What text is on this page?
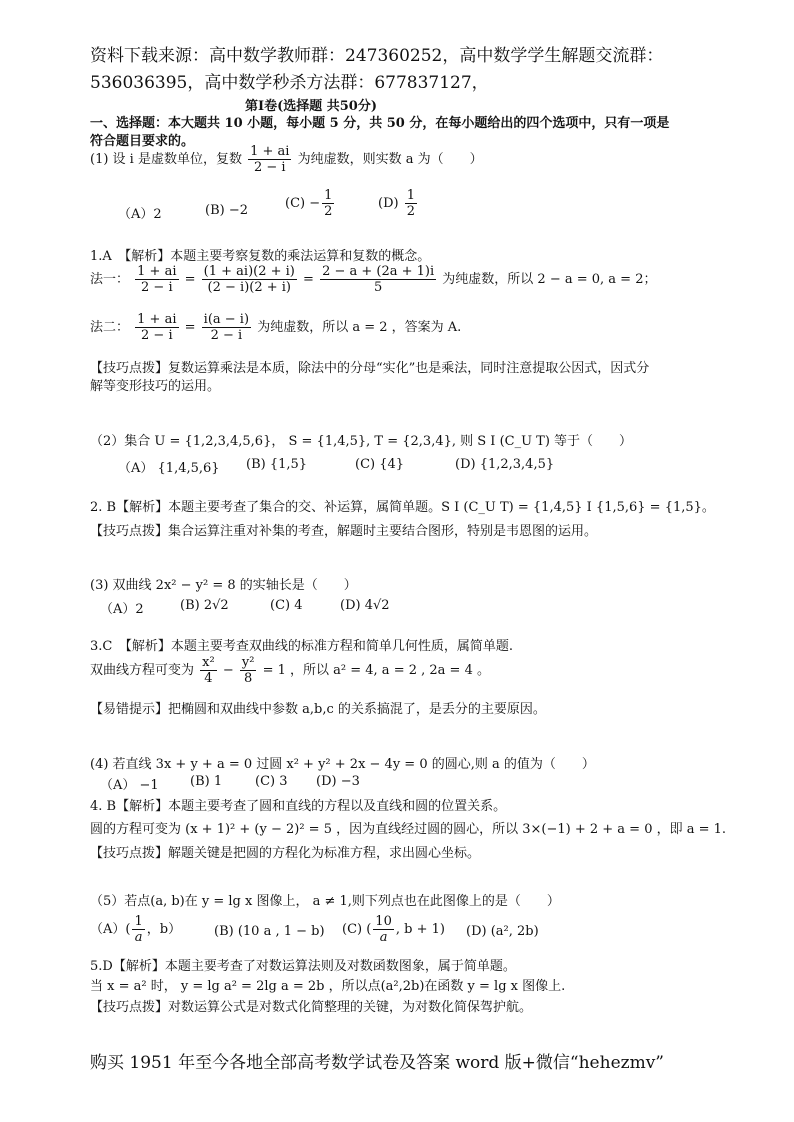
资料下载来源：高中数学教师群：247360252，高中数学学生解题交流群：
536036395，高中数学秒杀方法群：677837127，
第Ⅰ卷(选择题 共50分)
一、选择题：本大题共 10 小题，每小题 5 分，共 50 分，在每小题给出的四个选项中，只有一项是
符合题目要求的。
(1) 设 i 是虚数单位，复数 $\frac{1 + ai}{2 - i}$ 为纯虚数，则实数 a 为（　　）
（A）2	(B) −2	$(C) - \frac{1}{2}$	$(D) \frac{1}{2}$
1.A　【解析】本题主要考察复数的乘法运算和复数的概念。
法一： $\frac{1 + ai}{2 - i} = \frac{(1 + ai)(2 + i)}{(2 - i)(2 + i)} = \frac{2 - a + (2a + 1)i}{5}$ 为纯虚数，所以 2 − a = 0, a = 2；
法二： $\frac{1 + ai}{2 - i} = \frac{i(a - i)}{2 - i}$ 为纯虚数，所以 a = 2 ，答案为 A.
【技巧点拨】复数运算乘法是本质，除法中的分母“实化”也是乘法，同时注意提取公因式，因式分
解等变形技巧的运用。
（2）集合 U = {1,2,3,4,5,6}， S = {1,4,5}, T = {2,3,4}, 则 S Ⅰ (C_U T) 等于（　　）
（A） {1,4,5,6} (B) {1,5}	(C) {4}	(D) {1,2,3,4,5}
2. B【解析】本题主要考查了集合的交、补运算，属简单题。S Ⅰ (C_U T) = {1,4,5} Ⅰ {1,5,6} = {1,5}。
【技巧点拨】集合运算注重对补集的考查，解题时主要结合图形，特别是韦恩图的运用。
(3) 双曲线 2x² − y² = 8 的实轴长是（　　）
（A）2	(B) 2√2	(C) 4	(D) 4√2
3.C　【解析】本题主要考查双曲线的标准方程和简单几何性质，属简单题.
双曲线方程可变为 $\frac{\text{x²}}{4} - \frac{\text{y²}}{8} = 1$ ，所以 a² = 4, a = 2 , 2a = 4 。
【易错提示】把椭圆和双曲线中参数 a,b,c 的关系搞混了，是丢分的主要原因。
(4) 若直线 3x + y + a = 0 过圆 x² + y² + 2x − 4y = 0 的圆心,则 a 的值为（　　）
（A） −1 (B) 1	(C) 3 (D) −3
4. B【解析】本题主要考查了圆和直线的方程以及直线和圆的位置关系。
圆的方程可变为 (x + 1)² + (y − 2)² = 5 ，因为直线经过圆的圆心，所以 3×(−1) + 2 + a = 0 ，即 a = 1.
【技巧点拨】解题关键是把圆的方程化为标准方程，求出圆心坐标。
（5）若点(a, b)在 y = lg x 图像上， a ≠ 1,则下列点也在此图像上的是（　　）
$(A)( \frac{1}{a}$ ，b）	(B) (10 a , 1 − b) (C) ( $\frac{10}{a}$ , b + 1) (D) (a², 2b)
5.D【解析】本题主要考查了对数运算法则及对数函数图象，属于简单题。
当 x = a² 时， y = lg a² = 2lg a = 2b ，所以点(a²,2b)在函数 y = lg x 图像上.
【技巧点拨】对数运算公式是对数式化简整理的关键，为对数化简保驾护航。
购买 1951 年至今各地全部高考数学试卷及答案 word 版+微信“hehezmv”
